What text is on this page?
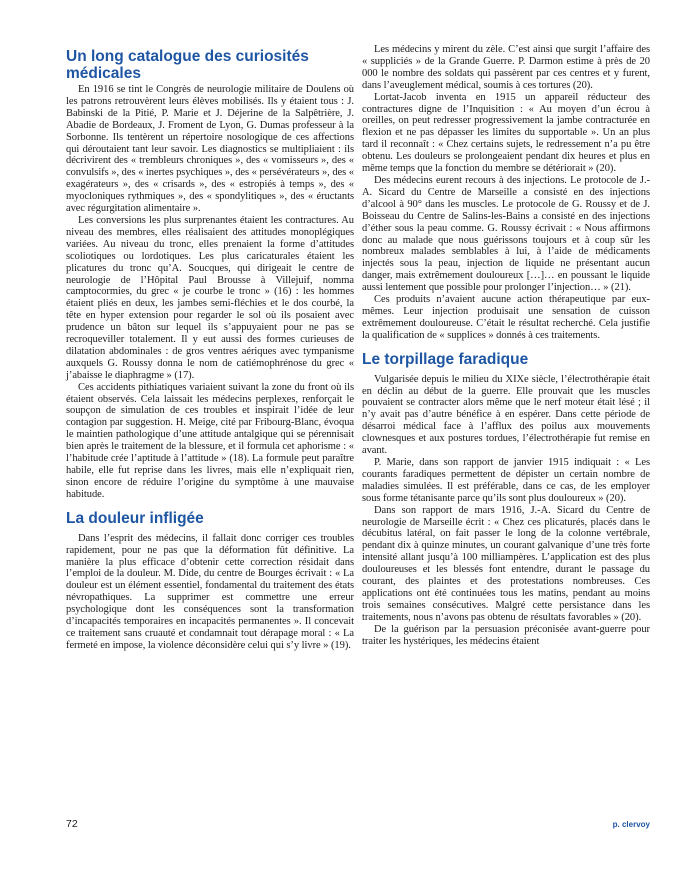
Un long catalogue des curiosités médicales

En 1916 se tint le Congrès de neurologie militaire de Doulens où les patrons retrouvèrent leurs élèves mobilisés. Ils y étaient tous : J. Babinski de la Pitié, P. Marie et J. Déjerine de la Salpêtrière, J. Abadie de Bordeaux, J. Froment de Lyon, G. Dumas professeur à la Sorbonne. Ils tentèrent un répertoire nosologique de ces affections qui déroutaient tant leur savoir. Les diagnostics se multipliaient : ils décrivirent des « trembleurs chroniques », des « vomisseurs », des « convulsifs », des « inertes psychiques », des « persévérateurs », des « exagérateurs », des « crisards », des « estropiés à temps », des « myocloniques rythmiques », des « spondylitiques », des « éructants avec régurgitation alimentaire ».

Les conversions les plus surprenantes étaient les contractures. Au niveau des membres, elles réalisaient des attitudes monoplégiques variées. Au niveau du tronc, elles prenaient la forme d’attitudes scoliotiques ou lordotiques. Les plus caricaturales étaient les plicatures du tronc qu’A. Soucques, qui dirigeait le centre de neurologie de l’Hôpital Paul Brousse à Villejuif, nomma camptocormies, du grec « je courbe le tronc » (16) : les hommes étaient pliés en deux, les jambes semi-fléchies et le dos courbé, la tête en hyper extension pour regarder le sol où ils posaient avec prudence un bâton sur lequel ils s’appuyaient pour ne pas se recroqueviller totalement. Il y eut aussi des formes curieuses de dilatation abdominales : de gros ventres aériques avec tympanisme auxquels G. Roussy donna le nom de catiémophrénose du grec « j’abaisse le diaphragme » (17).

Ces accidents pithiatiques variaient suivant la zone du front où ils étaient observés. Cela laissait les médecins perplexes, renforçait le soupçon de simulation de ces troubles et inspirait l’idée de leur contagion par suggestion. H. Meige, cité par Fribourg-Blanc, évoqua le maintien pathologique d’une attitude antalgique qui se pérennisait bien après le traitement de la blessure, et il formula cet aphorisme : « l’habitude crée l’aptitude à l’attitude » (18). La formule peut paraître habile, elle fut reprise dans les livres, mais elle n’expliquait rien, sinon encore de réduire l’origine du symptôme à une mauvaise habitude.

La douleur infligée

Dans l’esprit des médecins, il fallait donc corriger ces troubles rapidement, pour ne pas que la déformation fût définitive. La manière la plus efficace d’obtenir cette correction résidait dans l’emploi de la douleur. M. Dide, du centre de Bourges écrivait : « La douleur est un élément essentiel, fondamental du traitement des états névropathiques. La supprimer est commettre une erreur psychologique dont les conséquences sont la transformation d’incapacités temporaires en incapacités permanentes ». Il concevait ce traitement sans cruauté et condamnait tout dérapage moral : « La fermeté en impose, la violence déconsidère celui qui s’y livre » (19).

Les médecins y mirent du zèle. C’est ainsi que surgit l’affaire des « suppliciés » de la Grande Guerre. P. Darmon estime à près de 20 000 le nombre des soldats qui passèrent par ces centres et y furent, dans l’aveuglement médical, soumis à ces tortures (20).

Lortat-Jacob inventa en 1915 un appareil réducteur des contractures digne de l’Inquisition : « Au moyen d’un écrou à oreilles, on peut redresser progressivement la jambe contracturée en flexion et ne pas dépasser les limites du supportable ». Un an plus tard il reconnaît : « Chez certains sujets, le redressement n’a pu être obtenu. Les douleurs se prolongeaient pendant dix heures et plus en même temps que la fonction du membre se détériorait » (20).

Des médecins eurent recours à des injections. Le protocole de J.-A. Sicard du Centre de Marseille a consisté en des injections d’alcool à 90° dans les muscles. Le protocole de G. Roussy et de J. Boisseau du Centre de Salins-les-Bains a consisté en des injections d’éther sous la peau comme. G. Roussy écrivait : « Nous affirmons donc au malade que nous guérissons toujours et à coup sûr les nombreux malades semblables à lui, à l’aide de médicaments injectés sous la peau, injection de liquide ne présentant aucun danger, mais extrêmement douloureux […]… en poussant le liquide aussi lentement que possible pour prolonger l’injection… » (21).

Ces produits n’avaient aucune action thérapeutique par eux-mêmes. Leur injection produisait une sensation de cuisson extrêmement douloureuse. C’était le résultat recherché. Cela justifie la qualification de « supplices » donnés à ces traitements.

Le torpillage faradique

Vulgarisée depuis le milieu du XIXe siècle, l’électrothérapie était en déclin au début de la guerre. Elle prouvait que les muscles pouvaient se contracter alors même que le nerf moteur était lésé ; il n’y avait pas d’autre bénéfice à en espérer. Dans cette période de désarroi médical face à l’afflux des poilus aux mouvements clownesques et aux postures tordues, l’électrothérapie fut remise en avant.

P. Marie, dans son rapport de janvier 1915 indiquait : « Les courants faradiques permettent de dépister un certain nombre de maladies simulées. Il est préférable, dans ce cas, de les employer sous forme tétanisante parce qu’ils sont plus douloureux » (20).

Dans son rapport de mars 1916, J.-A. Sicard du Centre de neurologie de Marseille écrit : « Chez ces plicaturés, placés dans le décubitus latéral, on fait passer le long de la colonne vertébrale, pendant dix à quinze minutes, un courant galvanique d’une très forte intensité allant jusqu’à 100 milliampères. L’application est des plus douloureuses et les blessés font entendre, durant le passage du courant, des plaintes et des protestations nombreuses. Ces applications ont été continuées tous les matins, pendant au moins trois semaines consécutives. Malgré cette persistance dans les traitements, nous n’avons pas obtenu de résultats favorables » (20).

De la guérison par la persuasion préconisée avant-guerre pour traiter les hystériques, les médecins étaient

72	p. clervoy
